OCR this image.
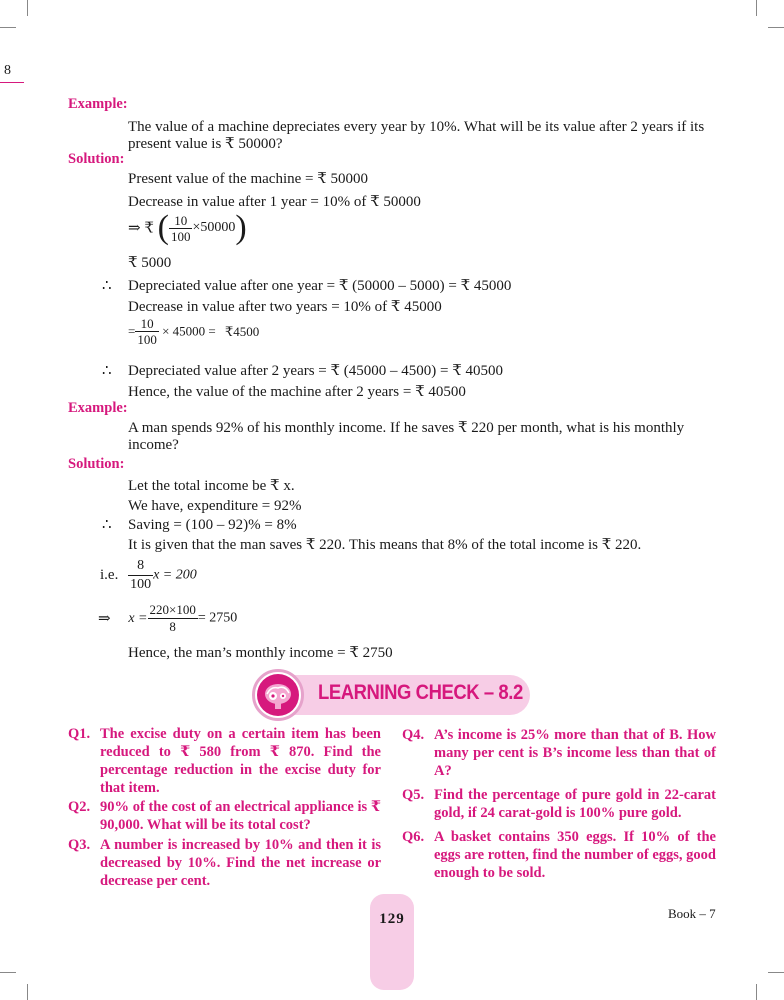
8
Example:
The value of a machine depreciates every year by 10%. What will be its value after 2 years if its present value is ₹ 50000?
Solution:
Present value of the machine = ₹ 50000
Decrease in value after 1 year = 10% of ₹ 50000
⇒ ₹ ( $\frac{10}{100} \times 50000$)
₹ 5000
∴ Depreciated value after one year = ₹ (50000 – 5000) = ₹ 45000
Decrease in value after two years = 10% of ₹ 45000
= $\frac{10}{100} \times 45000$ = ₹4500
∴ Depreciated value after 2 years = ₹ (45000 – 4500) = ₹ 40500
Hence, the value of the machine after 2 years = ₹ 40500
Example:
A man spends 92% of his monthly income. If he saves ₹ 220 per month, what is his monthly income?
Solution:
Let the total income be ₹ x.
We have, expenditure = 92%
∴ Saving = (100 – 92)% = 8%
It is given that the man saves ₹ 220. This means that 8% of the total income is ₹ 220.
i.e. $\frac{8}{100}$ x = 200
⇒ $x = \frac{220\times 100}{8} = 2750$
Hence, the man’s monthly income = ₹ 2750
LEARNING CHECK – 8.2
Q1. The excise duty on a certain item has been reduced to ₹ 580 from ₹ 870. Find the percentage reduction in the excise duty for that item.
Q2. 90% of the cost of an electrical appliance is ₹ 90,000. What will be its total cost?
Q3. A number is increased by 10% and then it is decreased by 10%. Find the net increase or decrease per cent.
Q4. A’s income is 25% more than that of B. How many per cent is B’s income less than that of A?
Q5. Find the percentage of pure gold in 22-carat gold, if 24 carat-gold is 100% pure gold.
Q6. A basket contains 350 eggs. If 10% of the eggs are rotten, find the number of eggs, good enough to be sold.
129	Book – 7
